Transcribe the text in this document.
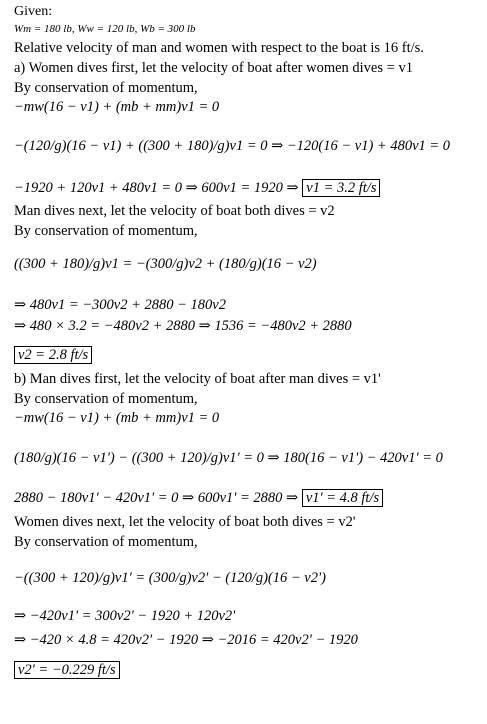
Given:
Wm = 180 lb, Ww = 120 lb, Wb = 300 lb
Relative velocity of man and women with respect to the boat is 16 ft/s.
a) Women dives first, let the velocity of boat after women dives = v1
By conservation of momentum,
−mw(16 − v1) + (mb + mm)v1 = 0
−(120/g)(16 − v1) + ((300 + 180)/g)v1 = 0 ⇒ −120(16 − v1) + 480v1 = 0
−1920 + 120v1 + 480v1 = 0 ⇒ 600v1 = 1920 ⇒ v1 = 3.2 ft/s
Man dives next, let the velocity of boat both dives = v2
By conservation of momentum,
((300 + 180)/g)v1 = −(300/g)v2 + (180/g)(16 − v2)
⇒ 480v1 = −300v2 + 2880 − 180v2
⇒ 480 × 3.2 = −480v2 + 2880 ⇒ 1536 = −480v2 + 2880
v2 = 2.8 ft/s
b) Man dives first, let the velocity of boat after man dives = v1'
By conservation of momentum,
−mw(16 − v1) + (mb + mm)v1 = 0
(180/g)(16 − v1') − ((300 + 120)/g)v1' = 0 ⇒ 180(16 − v1') − 420v1' = 0
2880 − 180v1' − 420v1' = 0 ⇒ 600v1' = 2880 ⇒ v1' = 4.8 ft/s
Women dives next, let the velocity of boat both dives = v2'
By conservation of momentum,
−((300 + 120)/g)v1' = (300/g)v2' − (120/g)(16 − v2')
⇒ −420v1' = 300v2' − 1920 + 120v2'
⇒ −420 × 4.8 = 420v2' − 1920 ⇒ −2016 = 420v2' − 1920
v2' = −0.229 ft/s
